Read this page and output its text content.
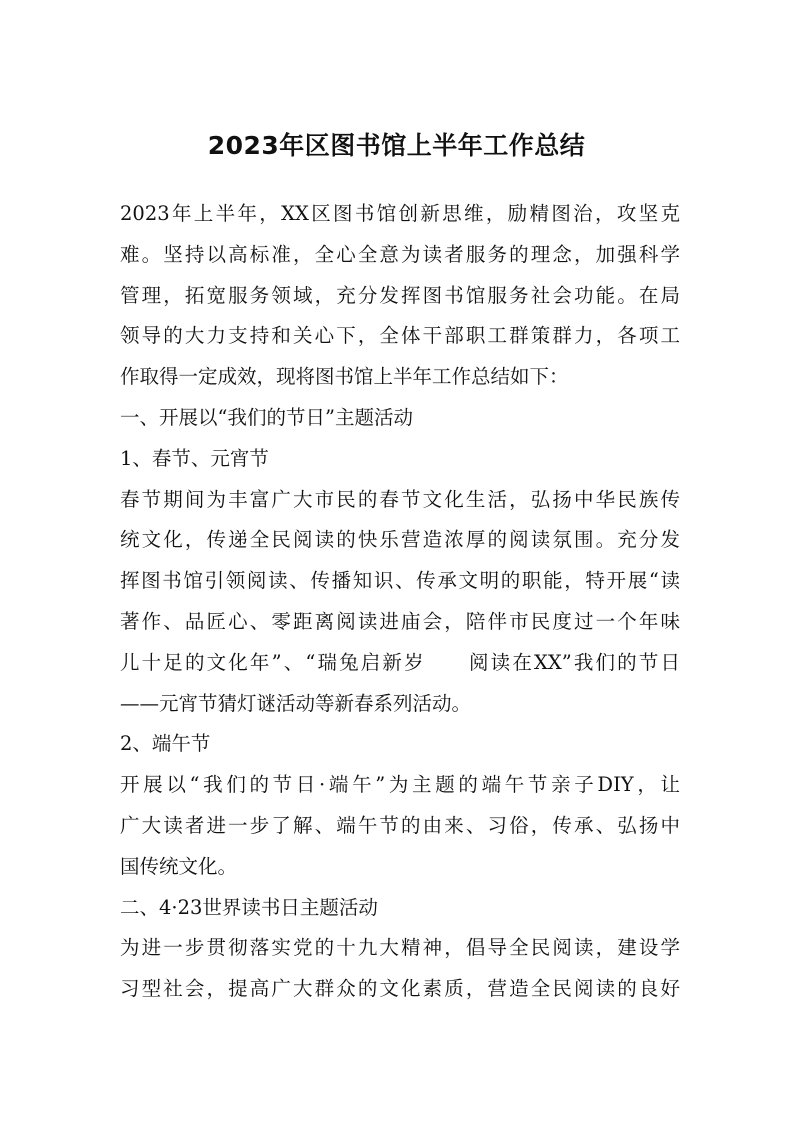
2023年区图书馆上半年工作总结
2023年上半年，XX区图书馆创新思维，励精图治，攻坚克
难。坚持以高标准，全心全意为读者服务的理念，加强科学
管理，拓宽服务领域，充分发挥图书馆服务社会功能。在局
领导的大力支持和关心下，全体干部职工群策群力，各项工
作取得一定成效，现将图书馆上半年工作总结如下：
一、开展以“我们的节日”主题活动
1、春节、元宵节
春节期间为丰富广大市民的春节文化生活，弘扬中华民族传
统文化，传递全民阅读的快乐营造浓厚的阅读氛围。充分发
挥图书馆引领阅读、传播知识、传承文明的职能，特开展“读
著作、品匠心、零距离阅读进庙会，陪伴市民度过一个年味
儿十足的文化年”、“瑞兔启新岁　　阅读在XX”我们的节日
——元宵节猜灯谜活动等新春系列活动。
2、端午节
开展以“我们的节日·端午”为主题的端午节亲子DIY，让
广大读者进一步了解、端午节的由来、习俗，传承、弘扬中
国传统文化。
二、4·23世界读书日主题活动
为进一步贯彻落实党的十九大精神，倡导全民阅读，建设学
习型社会，提高广大群众的文化素质，营造全民阅读的良好
